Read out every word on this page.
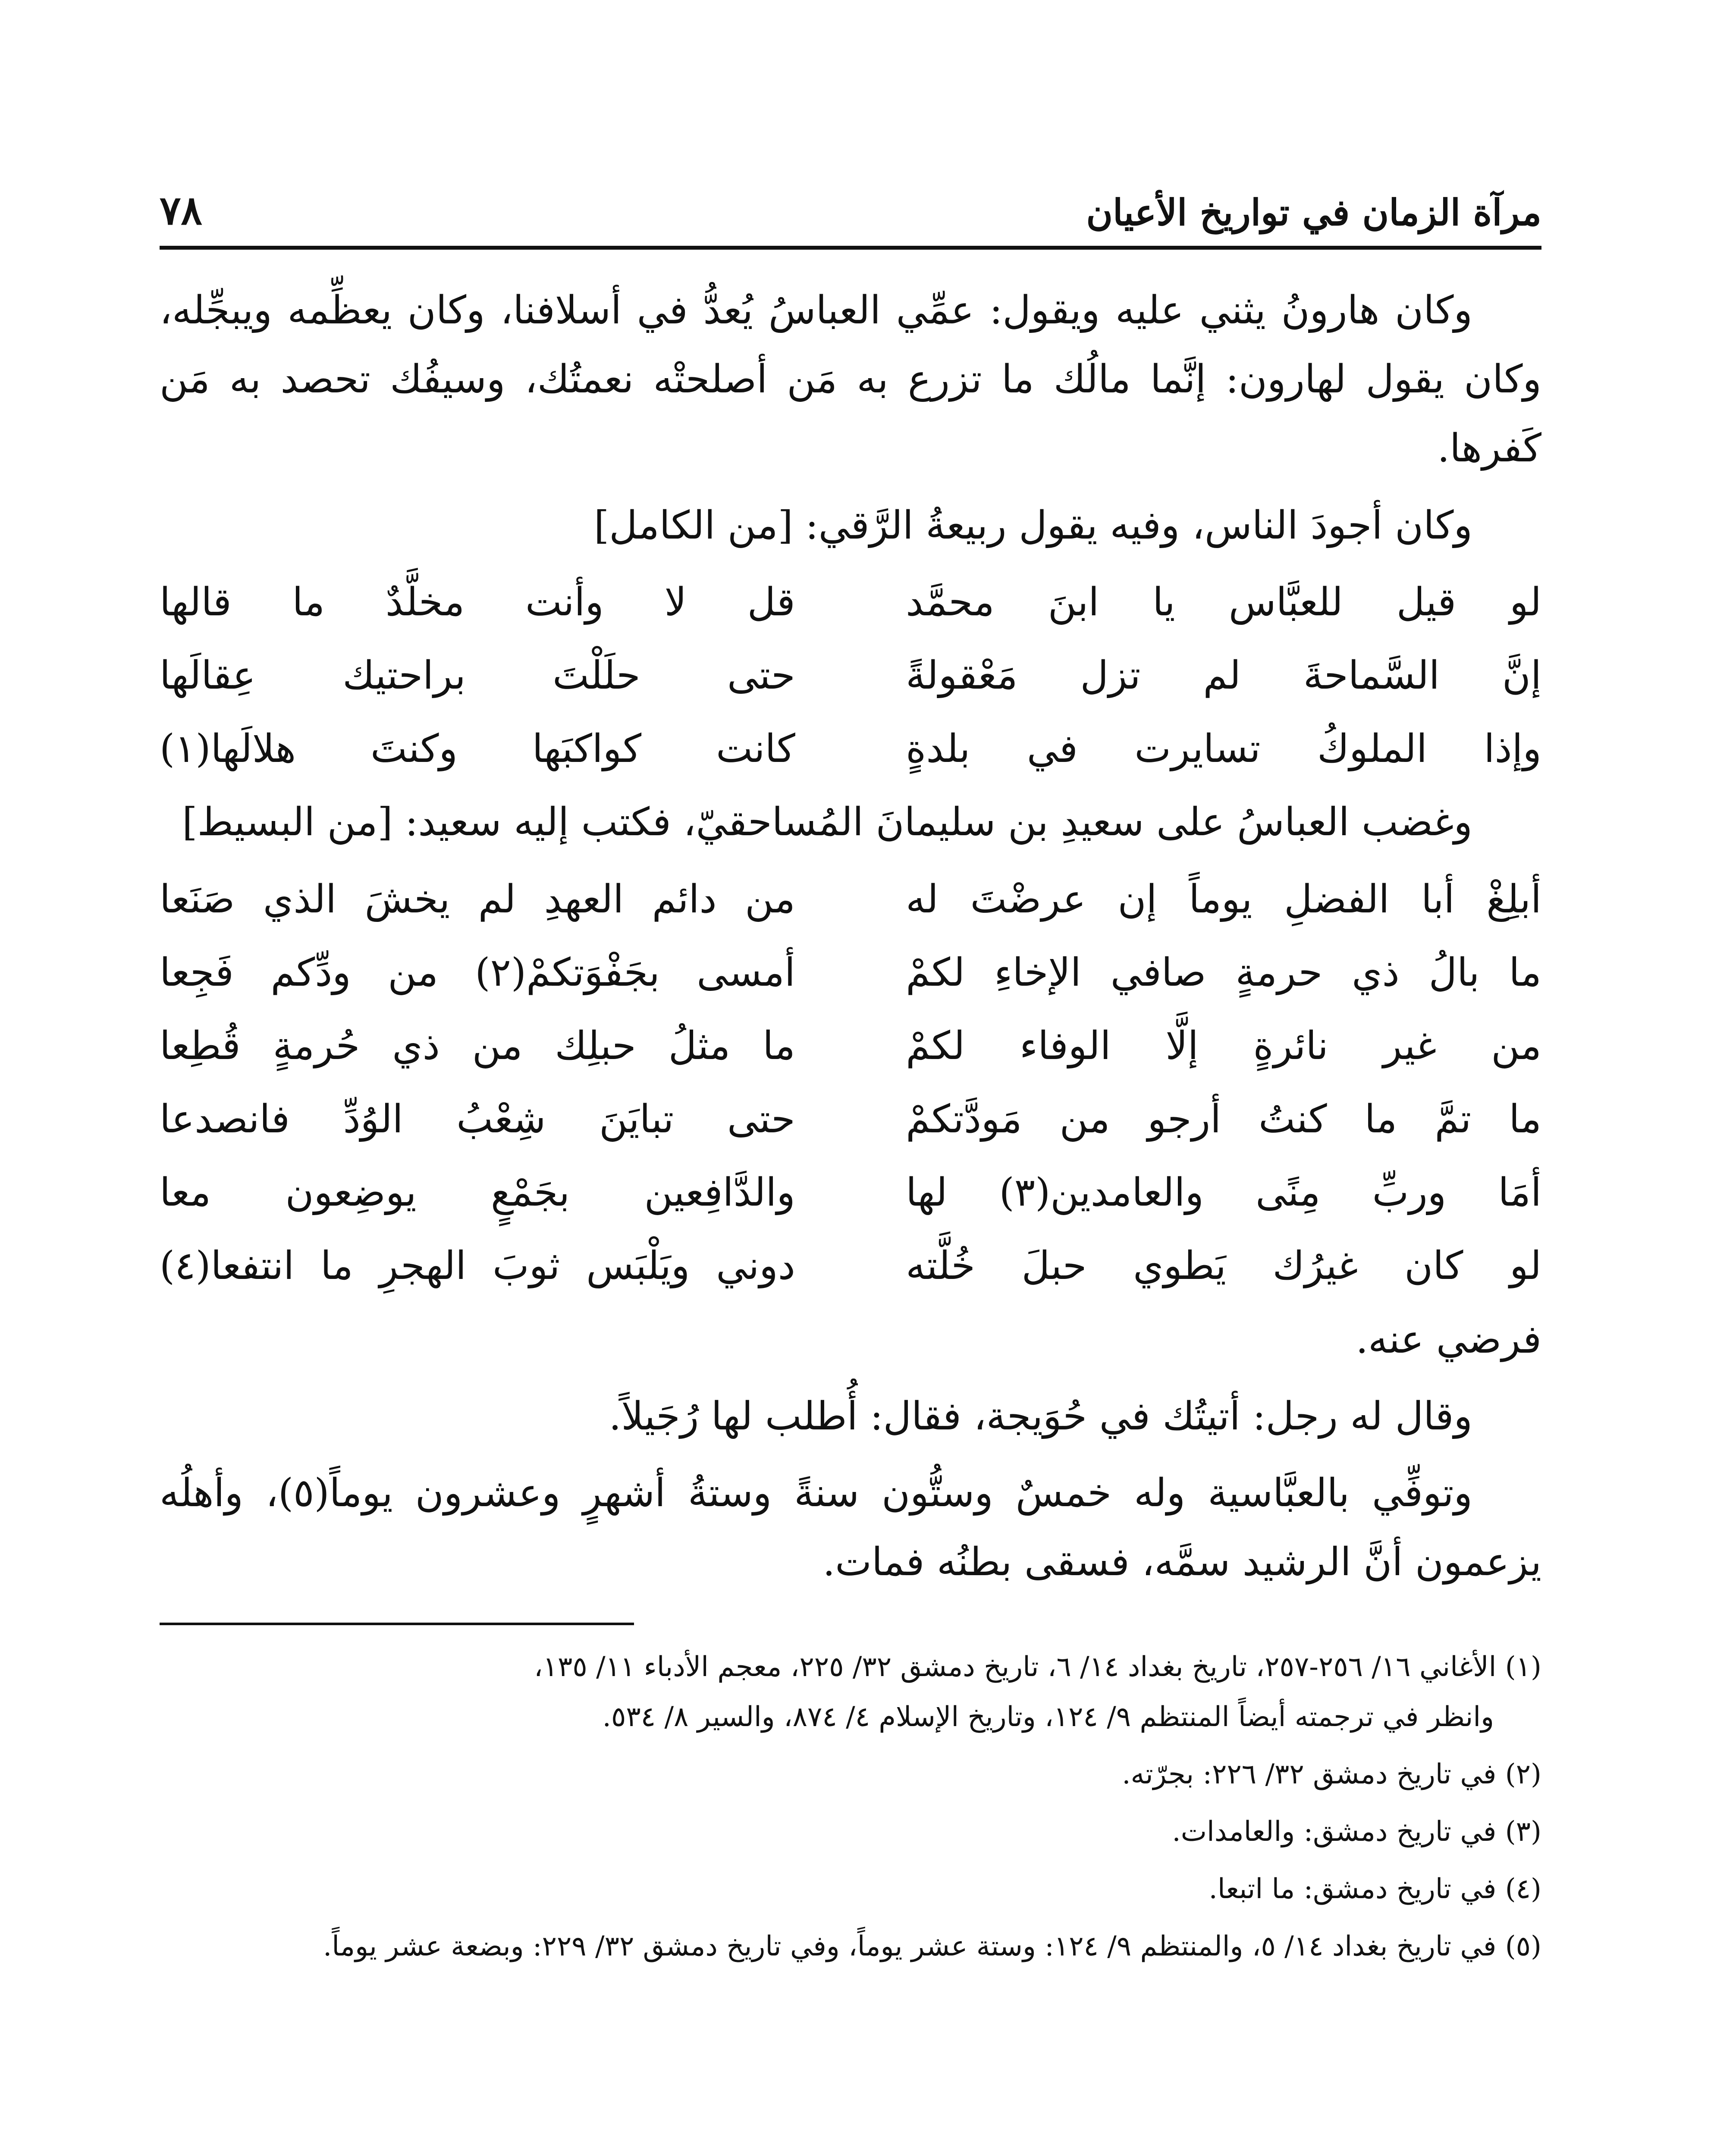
مرآة الزمان في تواريخ الأعيان
٧٨

وكان هارونُ يثني عليه ويقول: عمِّي العباسُ يُعدُّ في أسلافنا، وكان يعظِّمه ويبجِّله، وكان يقول لهارون: إنَّما مالُك ما تزرع به مَن أصلحتْه نعمتُك، وسيفُك تحصد به مَن كَفرها.

وكان أجودَ الناس، وفيه يقول ربيعةُ الرَّقي: [من الكامل]

لو قيل للعبَّاس يا ابنَ محمَّد
قل لا وأنت مخلَّدٌ ما قالها
إنَّ السَّماحةَ لم تزل مَعْقولةً
حتى حلَلْتَ براحتيك عِقالَها
وإذا الملوكُ تسايرت في بلدةٍ
كانت كواكبَها وكنتَ هلالَها(١)

وغضب العباسُ على سعيدِ بن سليمانَ المُساحقيّ، فكتب إليه سعيد: [من البسيط]

أبلِغْ أبا الفضلِ يوماً إن عرضْتَ له
من دائم العهدِ لم يخشَ الذي صَنَعا
ما بالُ ذي حرمةٍ صافي الإخاءِ لكمْ
أمسى بجَفْوَتكمْ(٢) من ودِّكم فَجِعا
من غير نائرةٍ إلَّا الوفاء لكمْ
ما مثلُ حبلِك من ذي حُرمةٍ قُطِعا
ما تمَّ ما كنتُ أرجو من مَودَّتكمْ
حتى تبايَنَ شِعْبُ الوُدِّ فانصدعا
أمَا وربِّ مِنًى والعامدين(٣) لها
والدَّافِعين بجَمْعٍ يوضِعون معا
لو كان غيرُك يَطوي حبلَ خُلَّته
دوني ويَلْبَس ثوبَ الهجرِ ما انتفعا(٤)

فرضي عنه.

وقال له رجل: أتيتُك في حُوَيجة، فقال: أُطلب لها رُجَيلاً.

وتوفِّي بالعبَّاسية وله خمسٌ وستُّون سنةً وستةُ أشهرٍ وعشرون يوماً(٥)، وأهلُه يزعمون أنَّ الرشيد سمَّه، فسقى بطنُه فمات.

(١) الأغاني ١٦/ ٢٥٦-٢٥٧، تاريخ بغداد ١٤/ ٦، تاريخ دمشق ٣٢/ ٢٢٥، معجم الأدباء ١١/ ١٣٥،
وانظر في ترجمته أيضاً المنتظم ٩/ ١٢٤، وتاريخ الإسلام ٤/ ٨٧٤، والسير ٨/ ٥٣٤.
(٢) في تاريخ دمشق ٣٢/ ٢٢٦: بجرّته.
(٣) في تاريخ دمشق: والعامدات.
(٤) في تاريخ دمشق: ما اتبعا.
(٥) في تاريخ بغداد ١٤/ ٥، والمنتظم ٩/ ١٢٤: وستة عشر يوماً، وفي تاريخ دمشق ٣٢/ ٢٢٩: وبضعة عشر يوماً.
